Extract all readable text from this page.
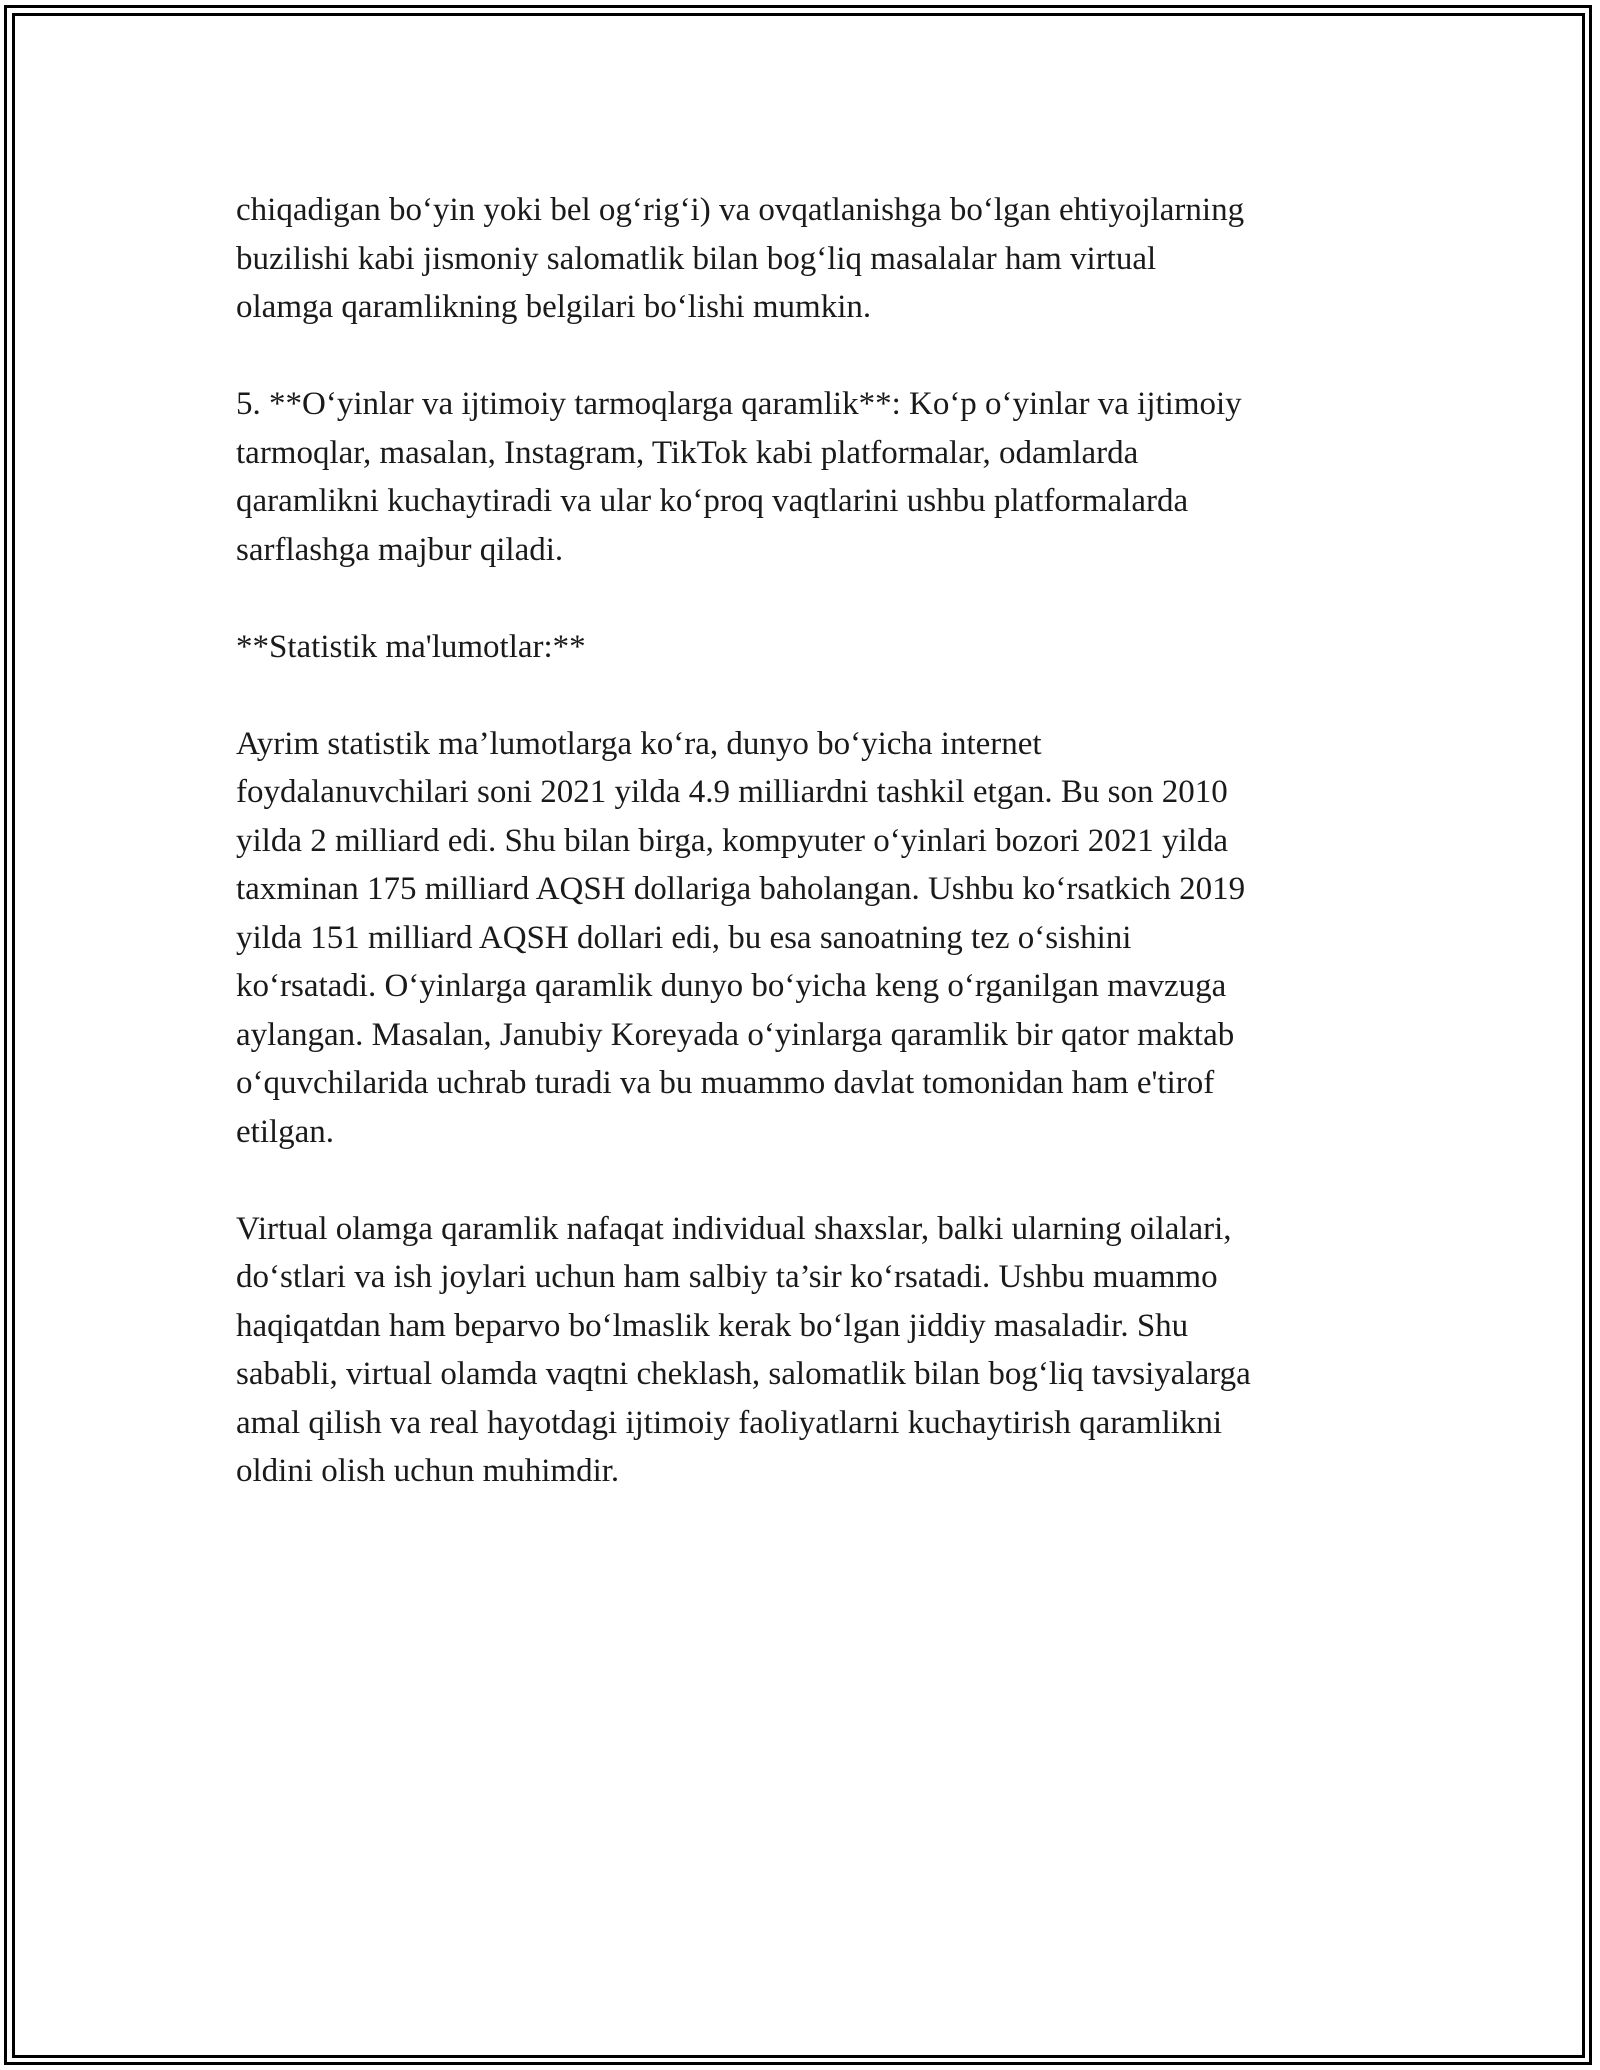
chiqadigan bo‘yin yoki bel og‘rig‘i) va ovqatlanishga bo‘lgan ehtiyojlarning
buzilishi kabi jismoniy salomatlik bilan bog‘liq masalalar ham virtual
olamga qaramlikning belgilari bo‘lishi mumkin.

5. **O‘yinlar va ijtimoiy tarmoqlarga qaramlik**: Ko‘p o‘yinlar va ijtimoiy
tarmoqlar, masalan, Instagram, TikTok kabi platformalar, odamlarda
qaramlikni kuchaytiradi va ular ko‘proq vaqtlarini ushbu platformalarda
sarflashga majbur qiladi.

**Statistik ma'lumotlar:**

Ayrim statistik ma’lumotlarga ko‘ra, dunyo bo‘yicha internet
foydalanuvchilari soni 2021 yilda 4.9 milliardni tashkil etgan. Bu son 2010
yilda 2 milliard edi. Shu bilan birga, kompyuter o‘yinlari bozori 2021 yilda
taxminan 175 milliard AQSH dollariga baholangan. Ushbu ko‘rsatkich 2019
yilda 151 milliard AQSH dollari edi, bu esa sanoatning tez o‘sishini
ko‘rsatadi. O‘yinlarga qaramlik dunyo bo‘yicha keng o‘rganilgan mavzuga
aylangan. Masalan, Janubiy Koreyada o‘yinlarga qaramlik bir qator maktab
o‘quvchilarida uchrab turadi va bu muammo davlat tomonidan ham e'tirof
etilgan.

Virtual olamga qaramlik nafaqat individual shaxslar, balki ularning oilalari,
do‘stlari va ish joylari uchun ham salbiy ta’sir ko‘rsatadi. Ushbu muammo
haqiqatdan ham beparvo bo‘lmaslik kerak bo‘lgan jiddiy masaladir. Shu
sababli, virtual olamda vaqtni cheklash, salomatlik bilan bog‘liq tavsiyalarga
amal qilish va real hayotdagi ijtimoiy faoliyatlarni kuchaytirish qaramlikni
oldini olish uchun muhimdir.
